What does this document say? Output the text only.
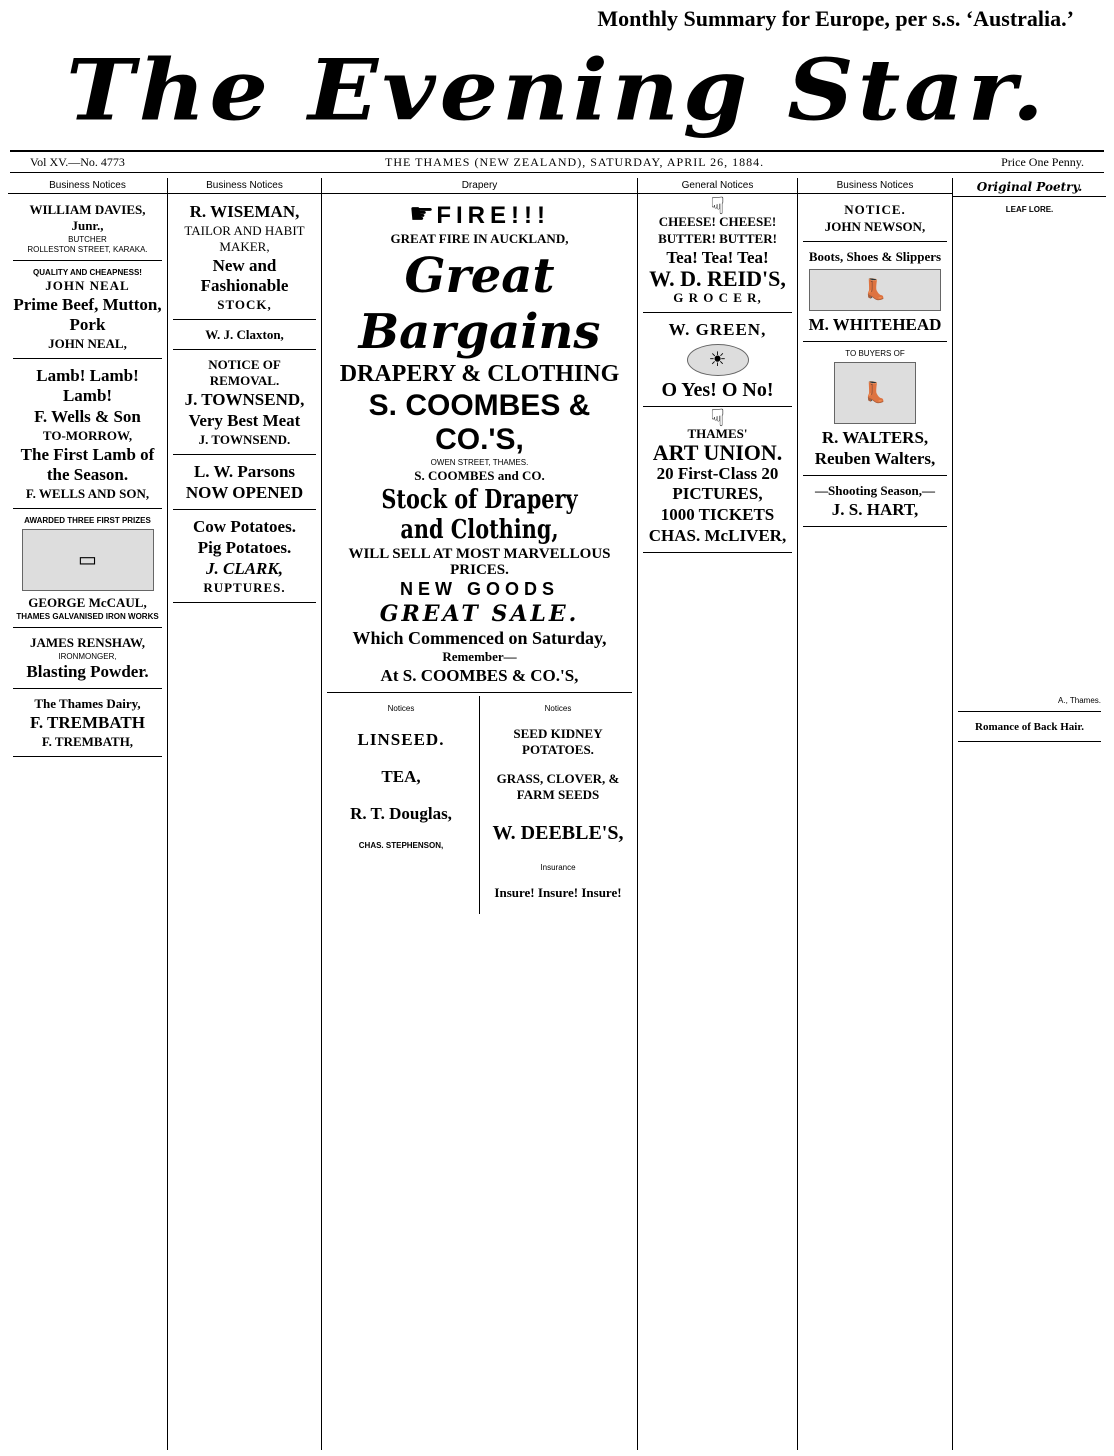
Monthly Summary for Europe, per s.s. ‘Australia.’
The Evening Star.
Vol XV.—No. 4773	THE THAMES (NEW ZEALAND), SATURDAY, APRIL 26, 1884.	Price One Penny.
Business Notices

WILLIAM DAVIES, Junr.,

BUTCHER

ROLLESTON STREET, KARAKA.

QUALITY AND CHEAPNESS!

JOHN NEAL

Prime Beef, Mutton, Pork

JOHN NEAL,

Lamb! Lamb! Lamb!

F. Wells & Son

TO-MORROW,

The First Lamb of the Season.

F. WELLS AND SON,

AWARDED THREE FIRST PRIZES

▭

GEORGE McCAUL,

THAMES GALVANISED IRON WORKS

JAMES RENSHAW,

IRONMONGER,

Blasting Powder.

The Thames Dairy,

F. TREMBATH

F. TREMBATH,

Business Notices

R. WISEMAN,

TAILOR AND HABIT MAKER,

New and Fashionable

STOCK,

W. J. Claxton,

NOTICE OF REMOVAL.

J. TOWNSEND,

Very Best Meat

J. TOWNSEND.

L. W. Parsons

NOW OPENED

Cow Potatoes.

Pig Potatoes.

J. CLARK,

RUPTURES.

Drapery

☛ FIRE!!!

GREAT FIRE IN AUCKLAND,

Great Bargains

DRAPERY & CLOTHING

S. COOMBES & CO.'S,

OWEN STREET, THAMES.

S. COOMBES and CO.

Stock of Drapery and Clothing,

WILL SELL AT MOST MARVELLOUS PRICES.

NEW GOODS

GREAT SALE.

Which Commenced on Saturday,

Remember—

At S. COOMBES & CO.'S,

Notices

LINSEED.

TEA,

R. T. Douglas,

CHAS. STEPHENSON,

Notices

SEED KIDNEY POTATOES.

GRASS, CLOVER, & FARM SEEDS

W. DEEBLE'S,

Insurance

Insure! Insure! Insure!

General Notices

☟

CHEESE! CHEESE!

BUTTER! BUTTER!

Tea! Tea! Tea!

W. D. REID'S,

G R O C E R,

W. GREEN,

☀

O Yes! O No!

☟

THAMES'

ART UNION.

20 First-Class 20 PICTURES,

1000 TICKETS

CHAS. McLIVER,

Business Notices

NOTICE.

JOHN NEWSON,

Boots, Shoes & Slippers

👢

M. WHITEHEAD

TO BUYERS OF

👢

R. WALTERS,

Reuben Walters,

—Shooting Season,—

J. S. HART,

Original Poetry.

LEAF LORE.

A., Thames.

Romance of Back Hair.
